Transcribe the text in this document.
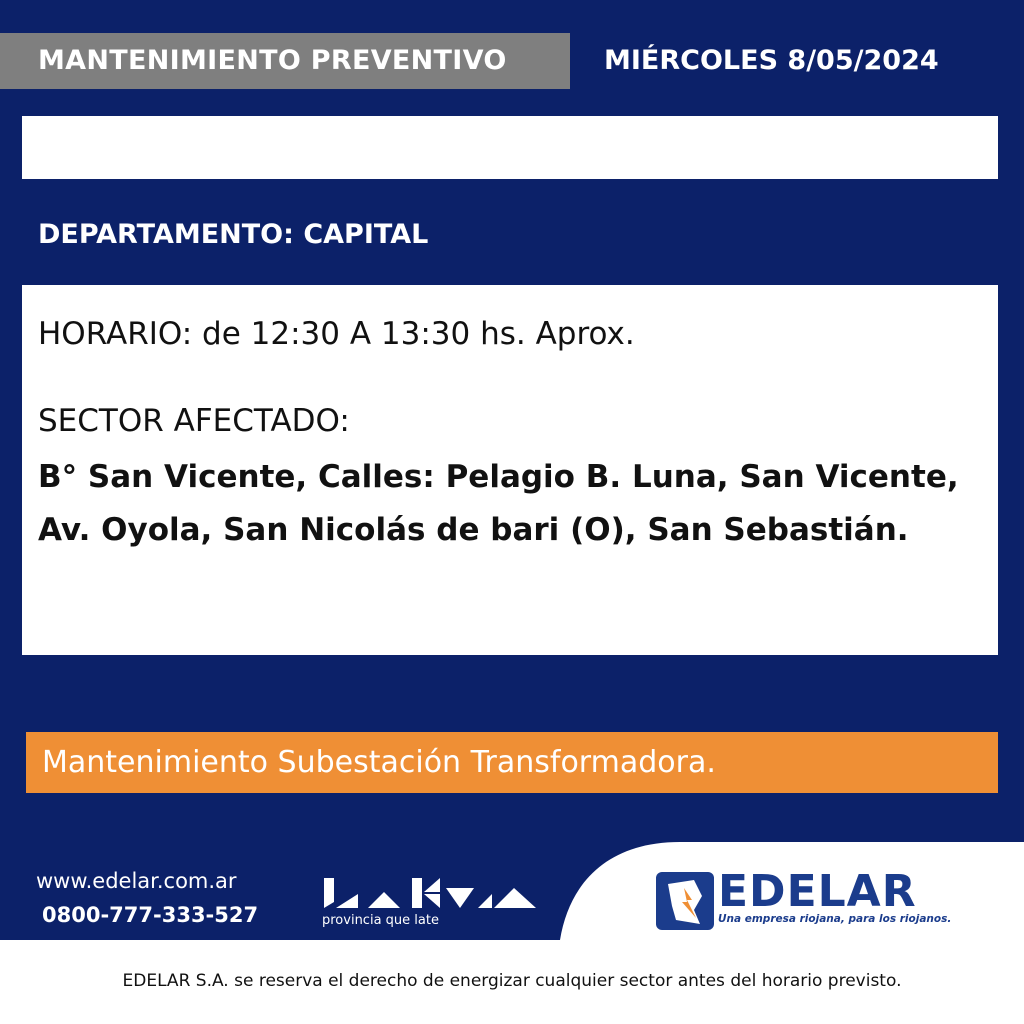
MANTENIMIENTO PREVENTIVO	MIÉRCOLES 8/05/2024
DEPARTAMENTO: CAPITAL
HORARIO: de 12:30 A 13:30 hs. Aprox.
SECTOR AFECTADO:
B° San Vicente, Calles: Pelagio B. Luna, San Vicente, Av. Oyola, San Nicolás de bari (O), San Sebastián.
Mantenimiento Subestación Transformadora.
www.edelar.com.ar
0800-777-333-527	provincia que late
EDELAR
Una empresa riojana, para los riojanos.
EDELAR S.A. se reserva el derecho de energizar cualquier sector antes del horario previsto.
